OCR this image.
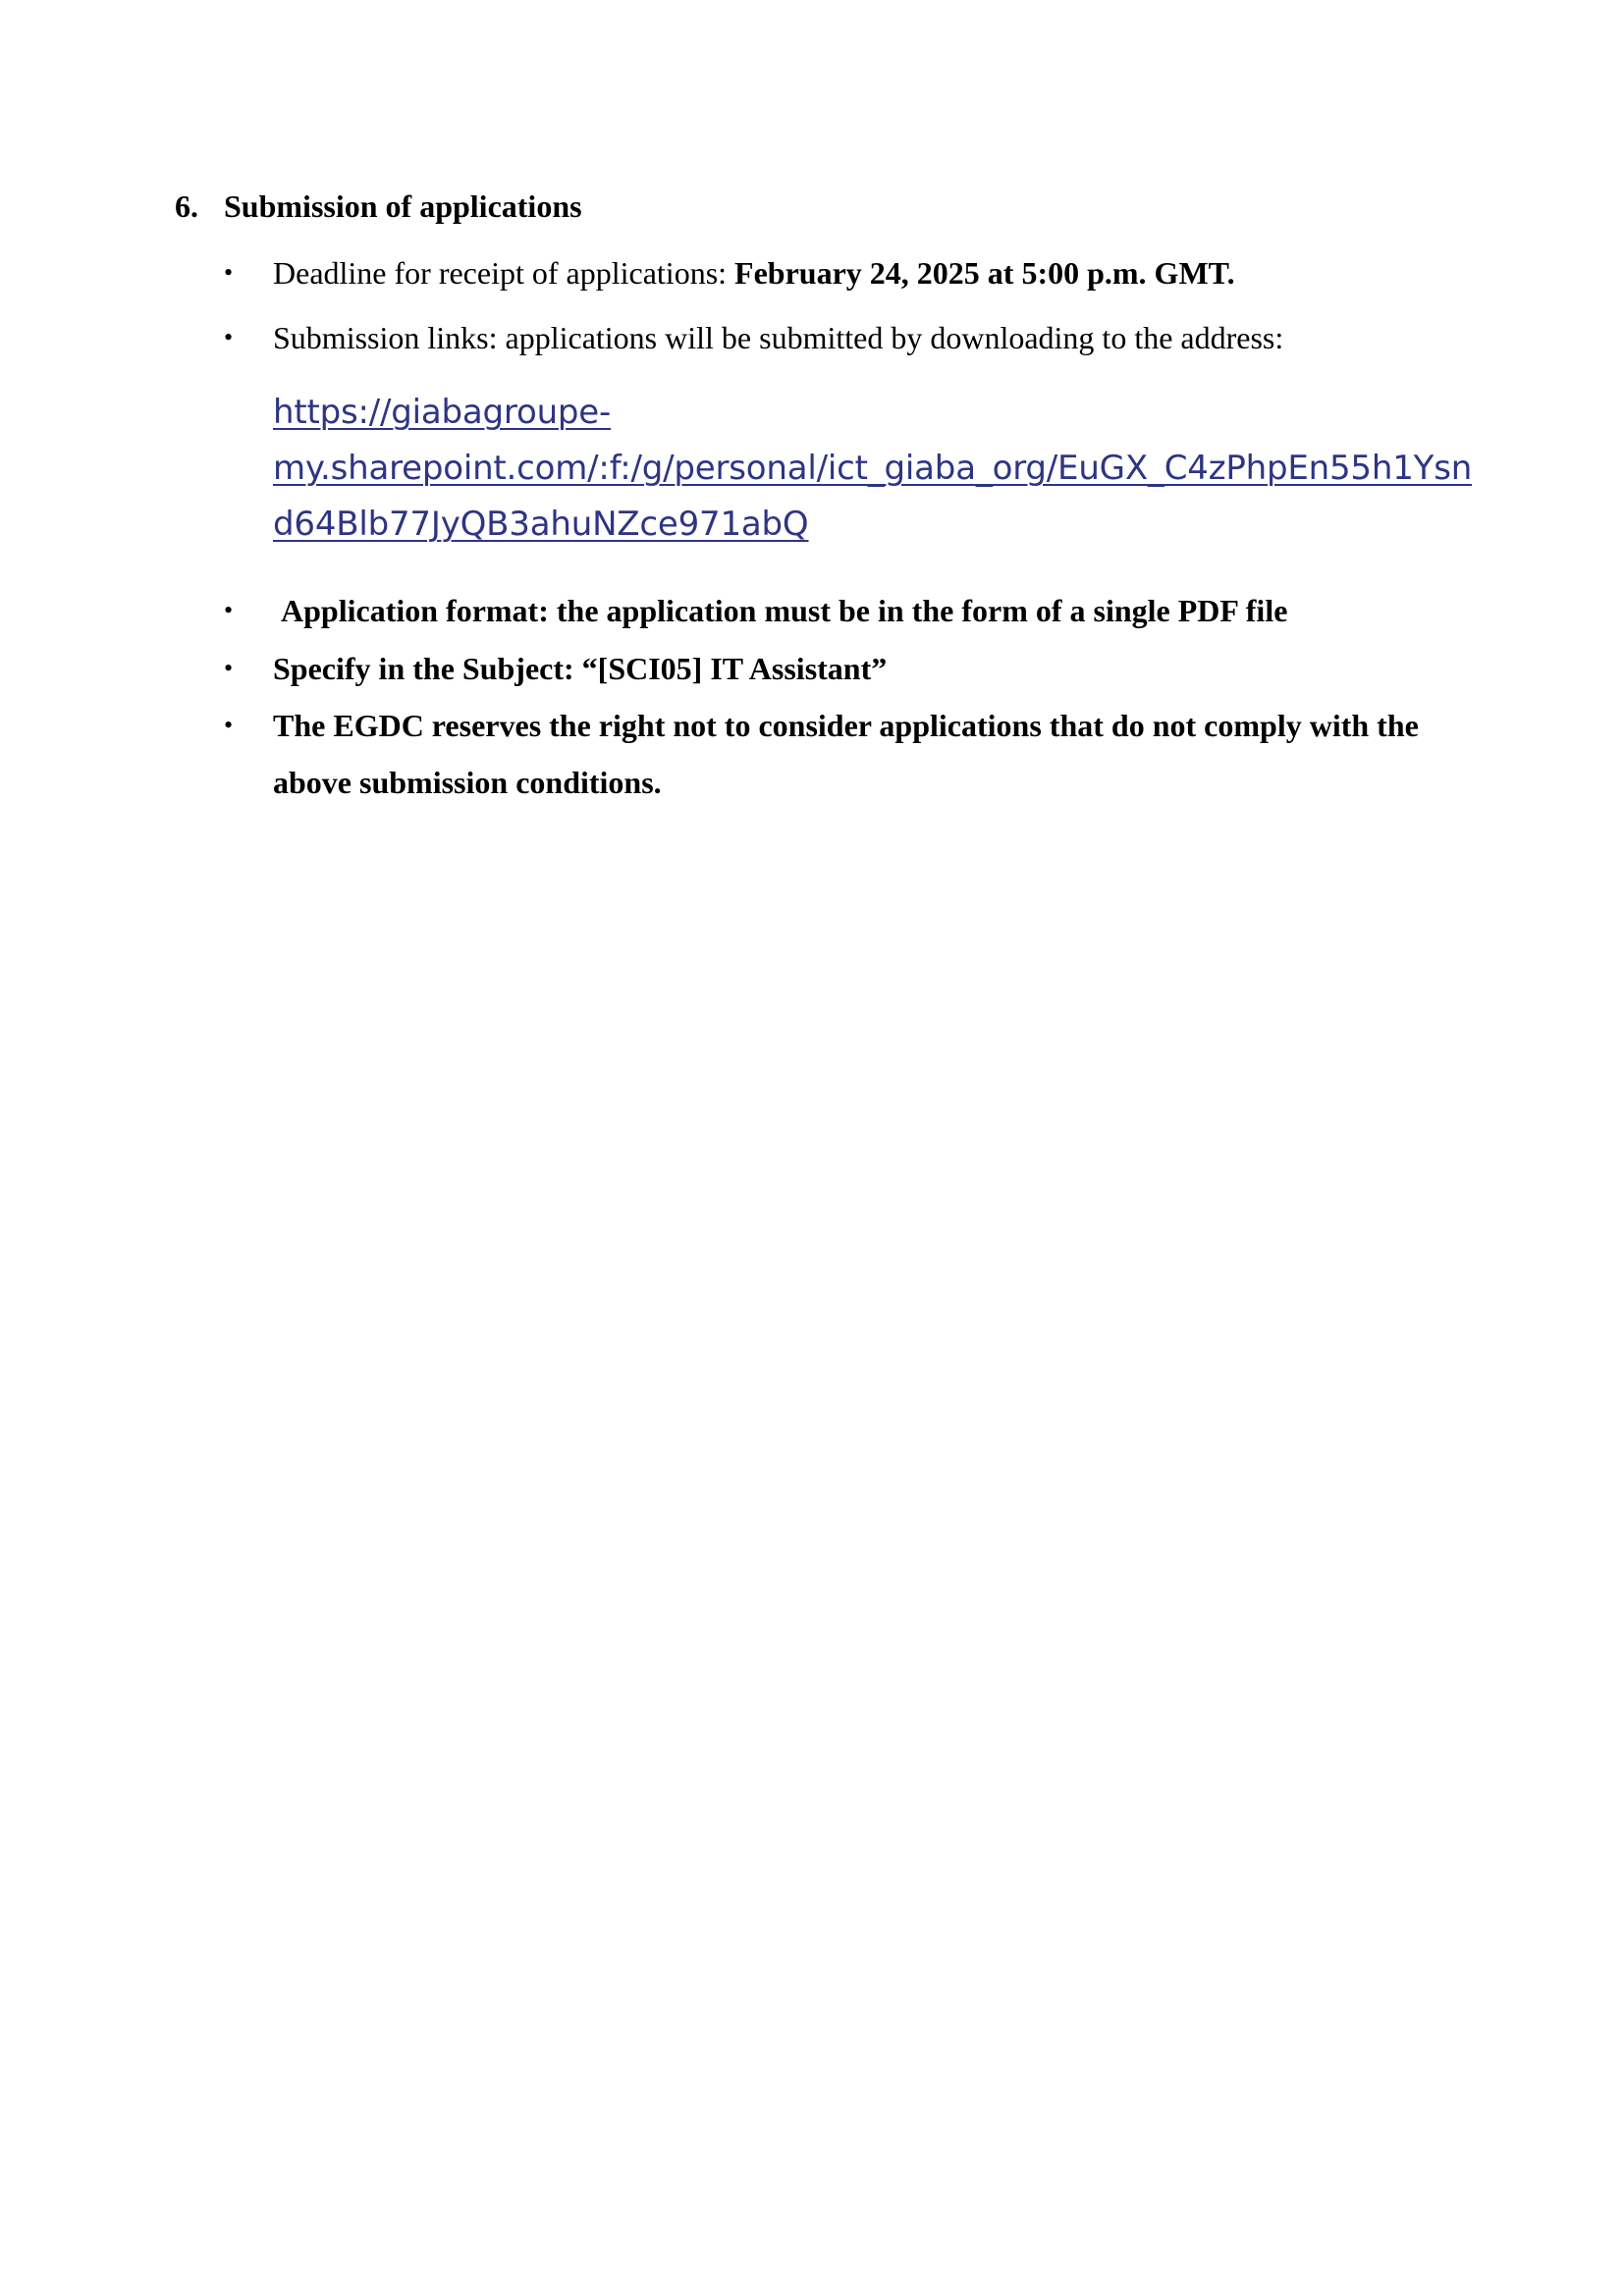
6. Submission of applications
•	Deadline for receipt of applications: February 24, 2025 at 5:00 p.m. GMT.
•	Submission links: applications will be submitted by downloading to the address:
https://giabagroupe-
my.sharepoint.com/:f:/g/personal/ict_giaba_org/EuGX_C4zPhpEn55h1Ysn
d64Blb77JyQB3ahuNZce971abQ
•	Application format: the application must be in the form of a single PDF file
•	Specify in the Subject: “[SCI05] IT Assistant”
•	The EGDC reserves the right not to consider applications that do not comply with the
above submission conditions.
